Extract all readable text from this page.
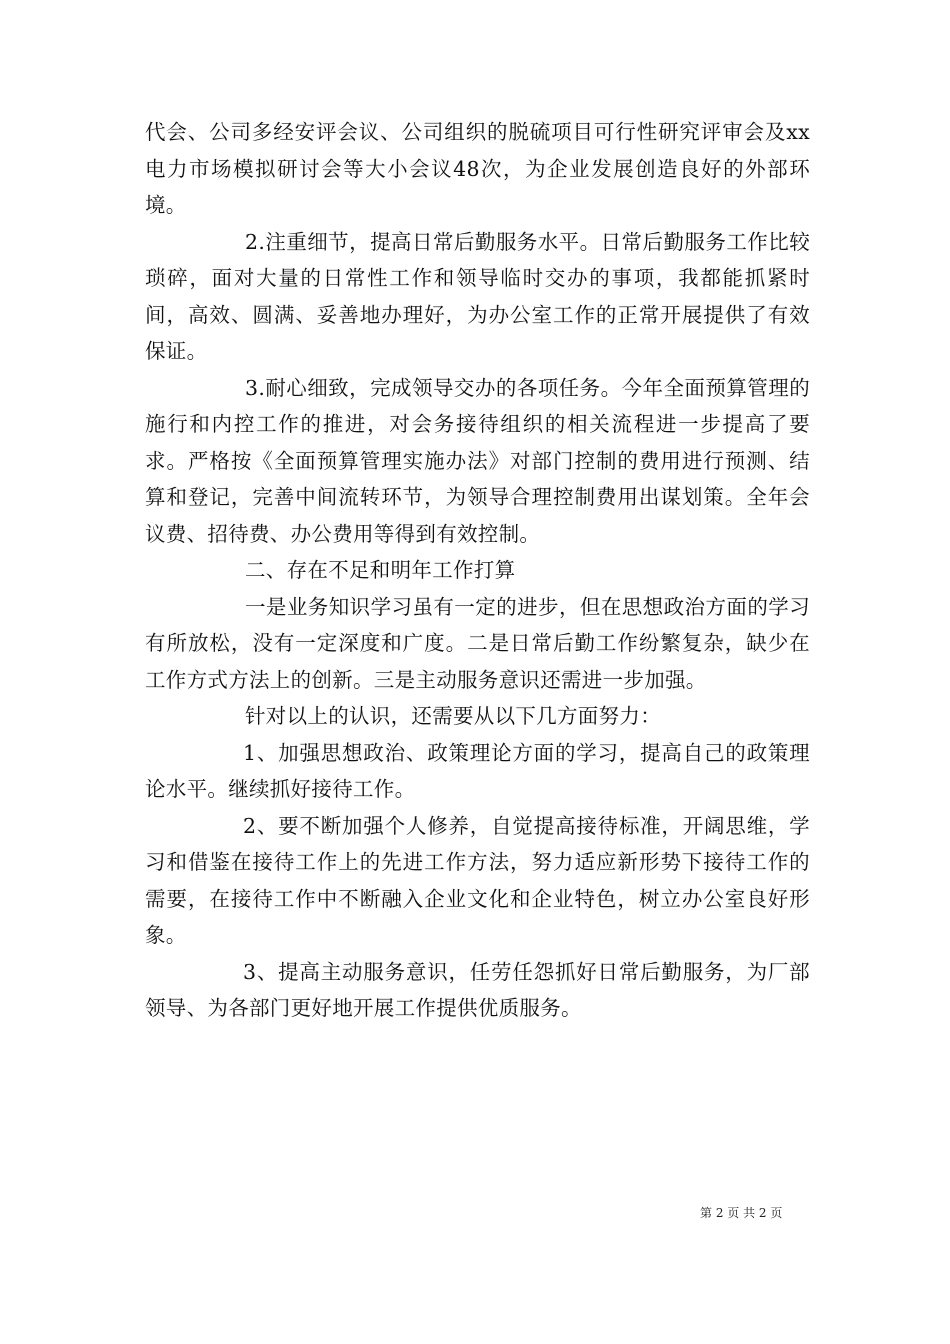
代会、公司多经安评会议、公司组织的脱硫项目可行性研究评审会及xx电力市场模拟研讨会等大小会议48次，为企业发展创造良好的外部环境。

2.注重细节，提高日常后勤服务水平。日常后勤服务工作比较琐碎，面对大量的日常性工作和领导临时交办的事项，我都能抓紧时间，高效、圆满、妥善地办理好，为办公室工作的正常开展提供了有效保证。

3.耐心细致，完成领导交办的各项任务。今年全面预算管理的施行和内控工作的推进，对会务接待组织的相关流程进一步提高了要求。严格按《全面预算管理实施办法》对部门控制的费用进行预测、结算和登记，完善中间流转环节，为领导合理控制费用出谋划策。全年会议费、招待费、办公费用等得到有效控制。

二、存在不足和明年工作打算

一是业务知识学习虽有一定的进步，但在思想政治方面的学习有所放松，没有一定深度和广度。二是日常后勤工作纷繁复杂，缺少在工作方式方法上的创新。三是主动服务意识还需进一步加强。

针对以上的认识，还需要从以下几方面努力：

1、加强思想政治、政策理论方面的学习，提高自己的政策理论水平。继续抓好接待工作。

2、要不断加强个人修养，自觉提高接待标准，开阔思维，学习和借鉴在接待工作上的先进工作方法，努力适应新形势下接待工作的需要，在接待工作中不断融入企业文化和企业特色，树立办公室良好形象。

3、提高主动服务意识，任劳任怨抓好日常后勤服务，为厂部领导、为各部门更好地开展工作提供优质服务。

第 2 页 共 2 页
